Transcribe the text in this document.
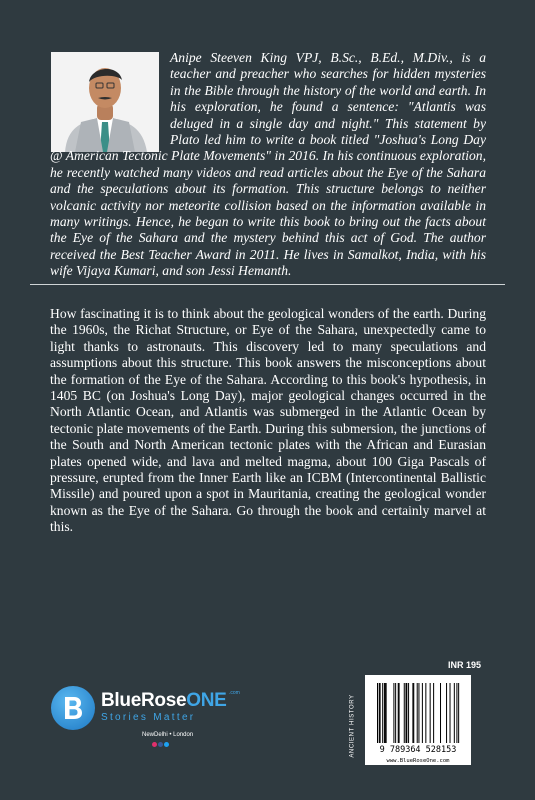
Anipe Steeven King VPJ, B.Sc., B.Ed., M.Div., is a teacher and preacher who searches for hidden mysteries in the Bible through the history of the world and earth. In his exploration, he found a sentence: "Atlantis was deluged in a single day and night." This statement by Plato led him to write a book titled "Joshua's Long Day @ American Tectonic Plate Movements" in 2016. In his continuous exploration, he recently watched many videos and read articles about the Eye of the Sahara and the speculations about its formation. This structure belongs to neither volcanic activity nor meteorite collision based on the information available in many writings. Hence, he began to write this book to bring out the facts about the Eye of the Sahara and the mystery behind this act of God. The author received the Best Teacher Award in 2011. He lives in Samalkot, India, with his wife Vijaya Kumari, and son Jessi Hemanth.

How fascinating it is to think about the geological wonders of the earth. During the 1960s, the Richat Structure, or Eye of the Sahara, unexpectedly came to light thanks to astronauts. This discovery led to many speculations and assumptions about this structure. This book answers the misconceptions about the formation of the Eye of the Sahara. According to this book's hypothesis, in 1405 BC (on Joshua's Long Day), major geological changes occurred in the North Atlantic Ocean, and Atlantis was submerged in the Atlantic Ocean by tectonic plate movements of the Earth. During this submersion, the junctions of the South and North American tectonic plates with the African and Eurasian plates opened wide, and lava and melted magma, about 100 Giga Pascals of pressure, erupted from the Inner Earth like an ICBM (Intercontinental Ballistic Missile) and poured upon a spot in Mauritania, creating the geological wonder known as the Eye of the Sahara. Go through the book and certainly marvel at this.

BlueRoseONE .com
Stories Matter
NewDelhi • London	ANCIENT HISTORY
INR 195
9 789364 528153
www.BlueRoseOne.com
